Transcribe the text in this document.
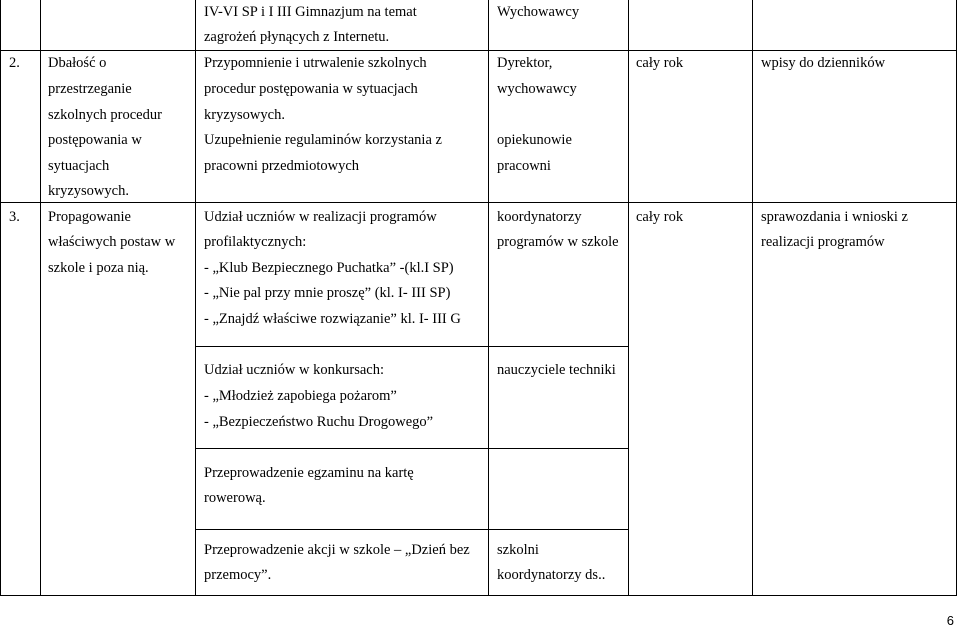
IV-VI SP i I III Gimnazjum na temat
zagrożeń płynących z Internetu.
Wychowawcy
2. Dbałość o
przestrzeganie
szkolnych procedur
postępowania w
sytuacjach
kryzysowych.
Przypomnienie i utrwalenie szkolnych
procedur postępowania w sytuacjach
kryzysowych.
Uzupełnienie regulaminów korzystania z
pracowni przedmiotowych
Dyrektor,
wychowawcy
opiekunowie
pracowni
cały rok	wpisy do dzienników
3. Propagowanie
właściwych postaw w
szkole i poza nią.
Udział uczniów w realizacji programów
profilaktycznych:
- „Klub Bezpiecznego Puchatka” -(kl.I SP)
- „Nie pal przy mnie proszę” (kl. I- III SP)
- „Znajdź właściwe rozwiązanie” kl. I- III G
koordynatorzy
programów w szkole
cały rok	sprawozdania i wnioski z
realizacji programów
Udział uczniów w konkursach:
- „Młodzież zapobiega pożarom”
- „Bezpieczeństwo Ruchu Drogowego”
nauczyciele techniki
Przeprowadzenie egzaminu na kartę
rowerową.
Przeprowadzenie akcji w szkole – „Dzień bez
przemocy”.
szkolni
koordynatorzy ds..
6
